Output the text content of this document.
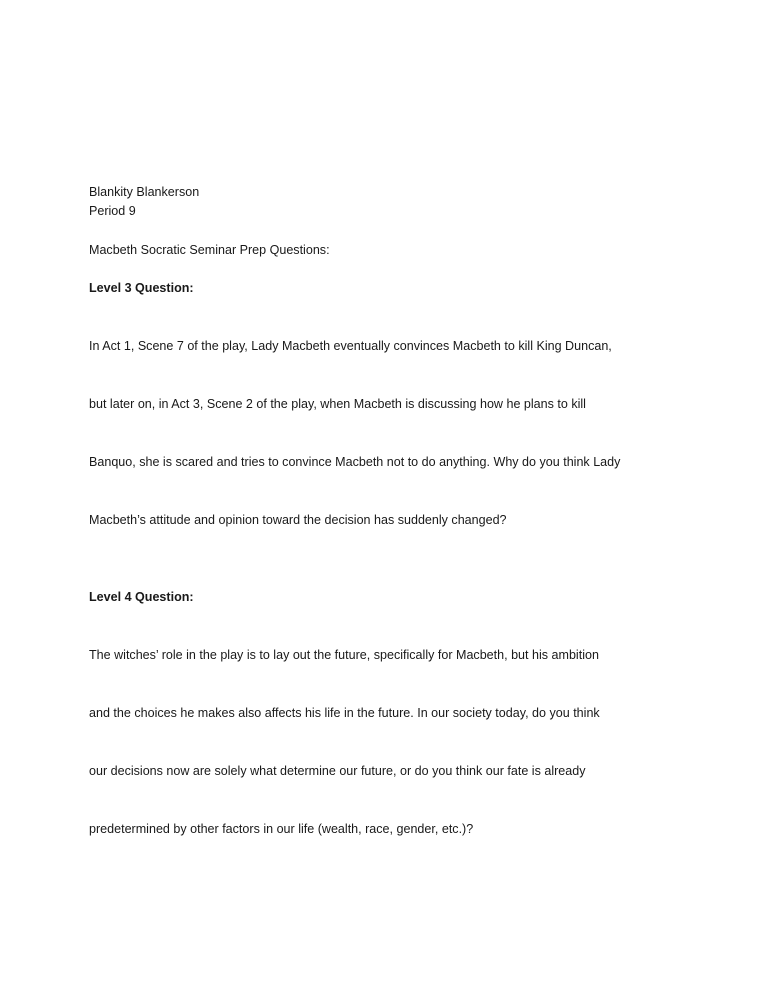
Blankity Blankerson

Period 9

Macbeth Socratic Seminar Prep Questions:

Level 3 Question:

In Act 1, Scene 7 of the play, Lady Macbeth eventually convinces Macbeth to kill King Duncan,

but later on, in Act 3, Scene 2 of the play, when Macbeth is discussing how he plans to kill

Banquo, she is scared and tries to convince Macbeth not to do anything. Why do you think Lady

Macbeth’s attitude and opinion toward the decision has suddenly changed?

Level 4 Question:

The witches’ role in the play is to lay out the future, specifically for Macbeth, but his ambition

and the choices he makes also affects his life in the future. In our society today, do you think

our decisions now are solely what determine our future, or do you think our fate is already

predetermined by other factors in our life (wealth, race, gender, etc.)?
